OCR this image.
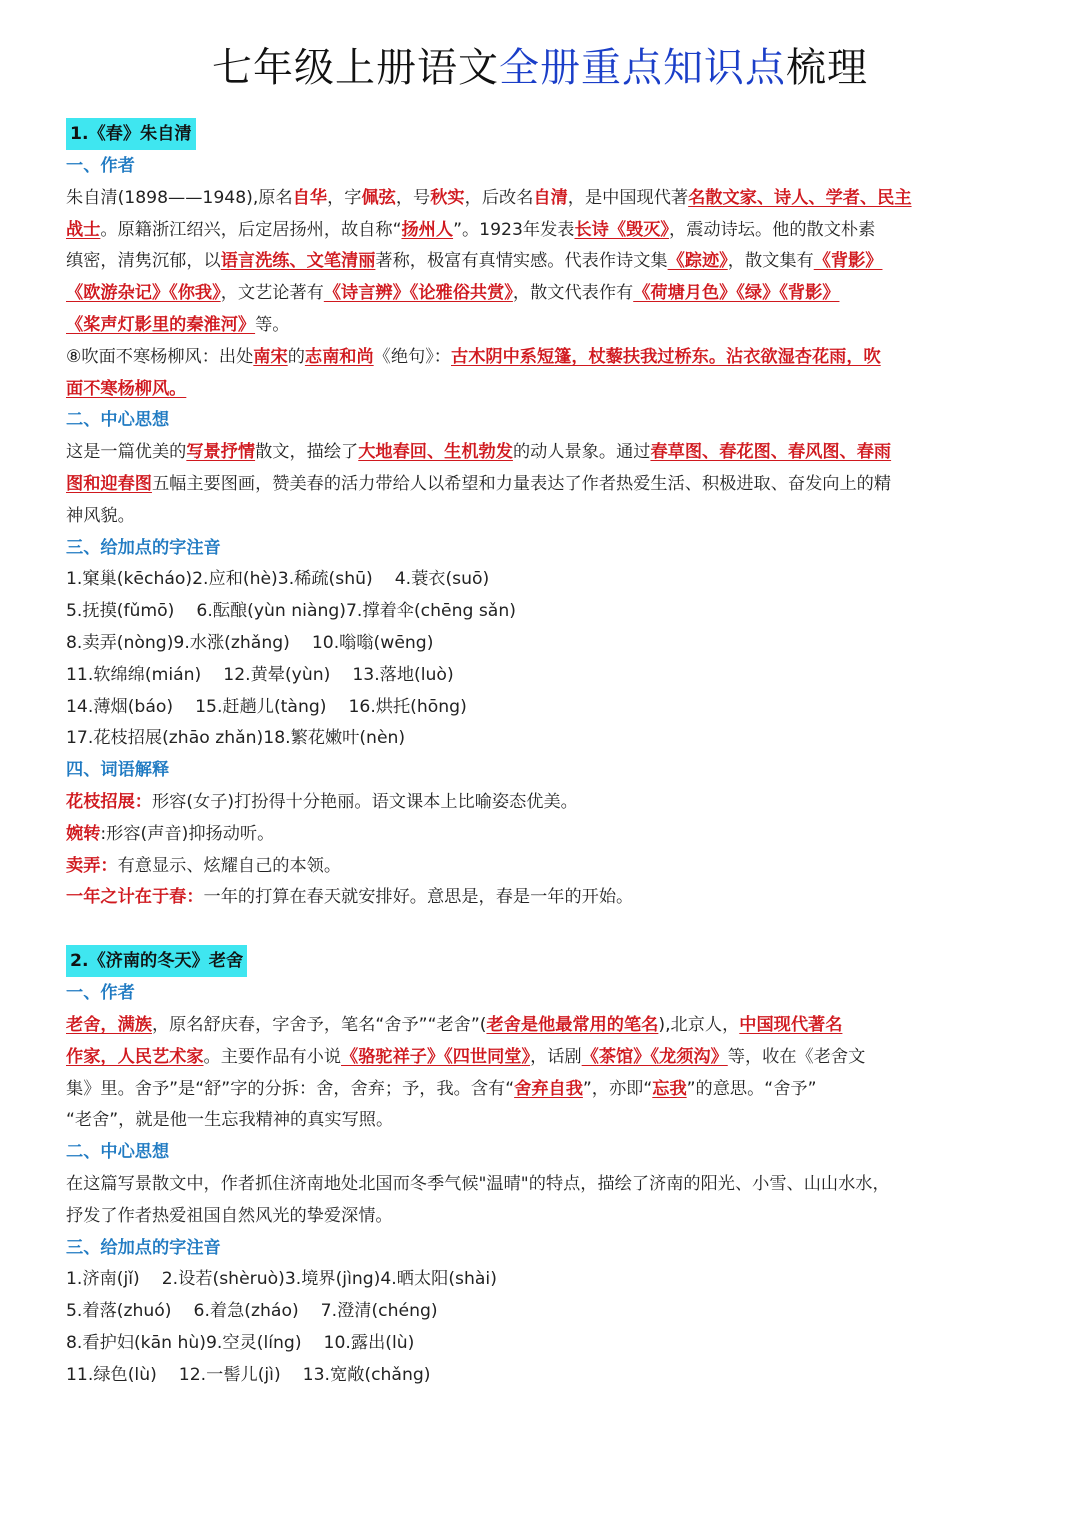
七年级上册语文全册重点知识点梳理
1.《春》朱自清
一、作者
朱自清(1898——1948),原名自华，字佩弦，号秋实，后改名自清，是中国现代著名散文家、诗人、学者、民主
战士。原籍浙江绍兴，后定居扬州，故自称“扬州人”。1923年发表长诗《毁灭》，震动诗坛。他的散文朴素
缜密，清隽沉郁，以语言洗练、文笔清丽著称，极富有真情实感。代表作诗文集《踪迹》，散文集有《背影》
《欧游杂记》《你我》，文艺论著有《诗言辨》《论雅俗共赏》，散文代表作有《荷塘月色》《绿》《背影》
《桨声灯影里的秦淮河》等。
⑧吹面不寒杨柳风：出处南宋的志南和尚《绝句》：古木阴中系短篷，杖藜扶我过桥东。沾衣欲湿杏花雨，吹
面不寒杨柳风。
二、中心思想
这是一篇优美的写景抒情散文，描绘了大地春回、生机勃发的动人景象。通过春草图、春花图、春风图、春雨
图和迎春图五幅主要图画，赞美春的活力带给人以希望和力量表达了作者热爱生活、积极进取、奋发向上的精
神风貌。
三、给加点的字注音
1.窠巢(kēcháo)2.应和(hè)3.稀疏(shū) 4.蓑衣(suō)
5.抚摸(fǔmō) 6.酝酿(yùn niàng)7.撑着伞(chēng sǎn)
8.卖弄(nòng)9.水涨(zhǎng) 10.嗡嗡(wēng)
11.软绵绵(mián) 12.黄晕(yùn) 13.落地(luò)
14.薄烟(báo) 15.赶趟儿(tàng) 16.烘托(hōng)
17.花枝招展(zhāo zhǎn)18.繁花嫩叶(nèn)
四、词语解释
花枝招展：形容(女子)打扮得十分艳丽。语文课本上比喻姿态优美。
婉转:形容(声音)抑扬动听。
卖弄：有意显示、炫耀自己的本领。
一年之计在于春：一年的打算在春天就安排好。意思是，春是一年的开始。
2.《济南的冬天》老舍
一、作者
老舍，满族，原名舒庆春，字舍予，笔名“舍予”“老舍”(老舍是他最常用的笔名),北京人，中国现代著名
作家，人民艺术家。主要作品有小说《骆驼祥子》《四世同堂》，话剧《茶馆》《龙须沟》等，收在《老舍文
集》里。舍予”是“舒”字的分拆：舍，舍弃；予，我。含有“舍弃自我”，亦即“忘我”的意思。“舍予”
“老舍”，就是他一生忘我精神的真实写照。
二、中心思想
在这篇写景散文中，作者抓住济南地处北国而冬季气候"温晴"的特点，描绘了济南的阳光、小雪、山山水水，
抒发了作者热爱祖国自然风光的挚爱深情。
三、给加点的字注音
1.济南(jǐ) 2.设若(shèruò)3.境界(jìng)4.晒太阳(shài)
5.着落(zhuó) 6.着急(zháo) 7.澄清(chéng)
8.看护妇(kān hù)9.空灵(líng) 10.露出(lù)
11.绿色(lù) 12.一髻儿(jì) 13.宽敞(chǎng)
